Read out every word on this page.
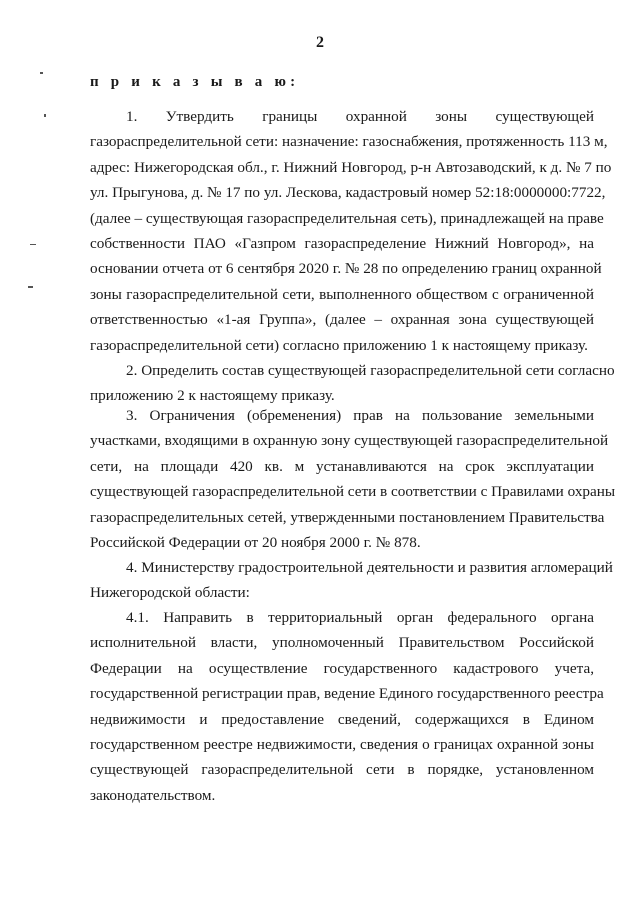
2
п р и к а з ы в а ю:
1. Утвердить границы охранной зоны существующей
газораспределительной сети: назначение: газоснабжения, протяженность 113 м,
адрес: Нижегородская обл., г. Нижний Новгород, р-н Автозаводский, к д. № 7 по
ул. Прыгунова, д. № 17 по ул. Лескова, кадастровый номер 52:18:0000000:7722,
(далее – существующая газораспределительная сеть), принадлежащей на праве
собственности ПАО «Газпром газораспределение Нижний Новгород», на
основании отчета от 6 сентября 2020 г. № 28 по определению границ охранной
зоны газораспределительной сети, выполненного обществом с ограниченной
ответственностью «1-ая Группа», (далее – охранная зона существующей
газораспределительной сети) согласно приложению 1 к настоящему приказу.
2. Определить состав существующей газораспределительной сети согласно
приложению 2 к настоящему приказу.
3. Ограничения (обременения) прав на пользование земельными
участками, входящими в охранную зону существующей газораспределительной
сети, на площади 420 кв. м устанавливаются на срок эксплуатации
существующей газораспределительной сети в соответствии с Правилами охраны
газораспределительных сетей, утвержденными постановлением Правительства
Российской Федерации от 20 ноября 2000 г. № 878.
4. Министерству градостроительной деятельности и развития агломераций
Нижегородской области:
4.1. Направить в территориальный орган федерального органа
исполнительной власти, уполномоченный Правительством Российской
Федерации на осуществление государственного кадастрового учета,
государственной регистрации прав, ведение Единого государственного реестра
недвижимости и предоставление сведений, содержащихся в Едином
государственном реестре недвижимости, сведения о границах охранной зоны
существующей газораспределительной сети в порядке, установленном
законодательством.
